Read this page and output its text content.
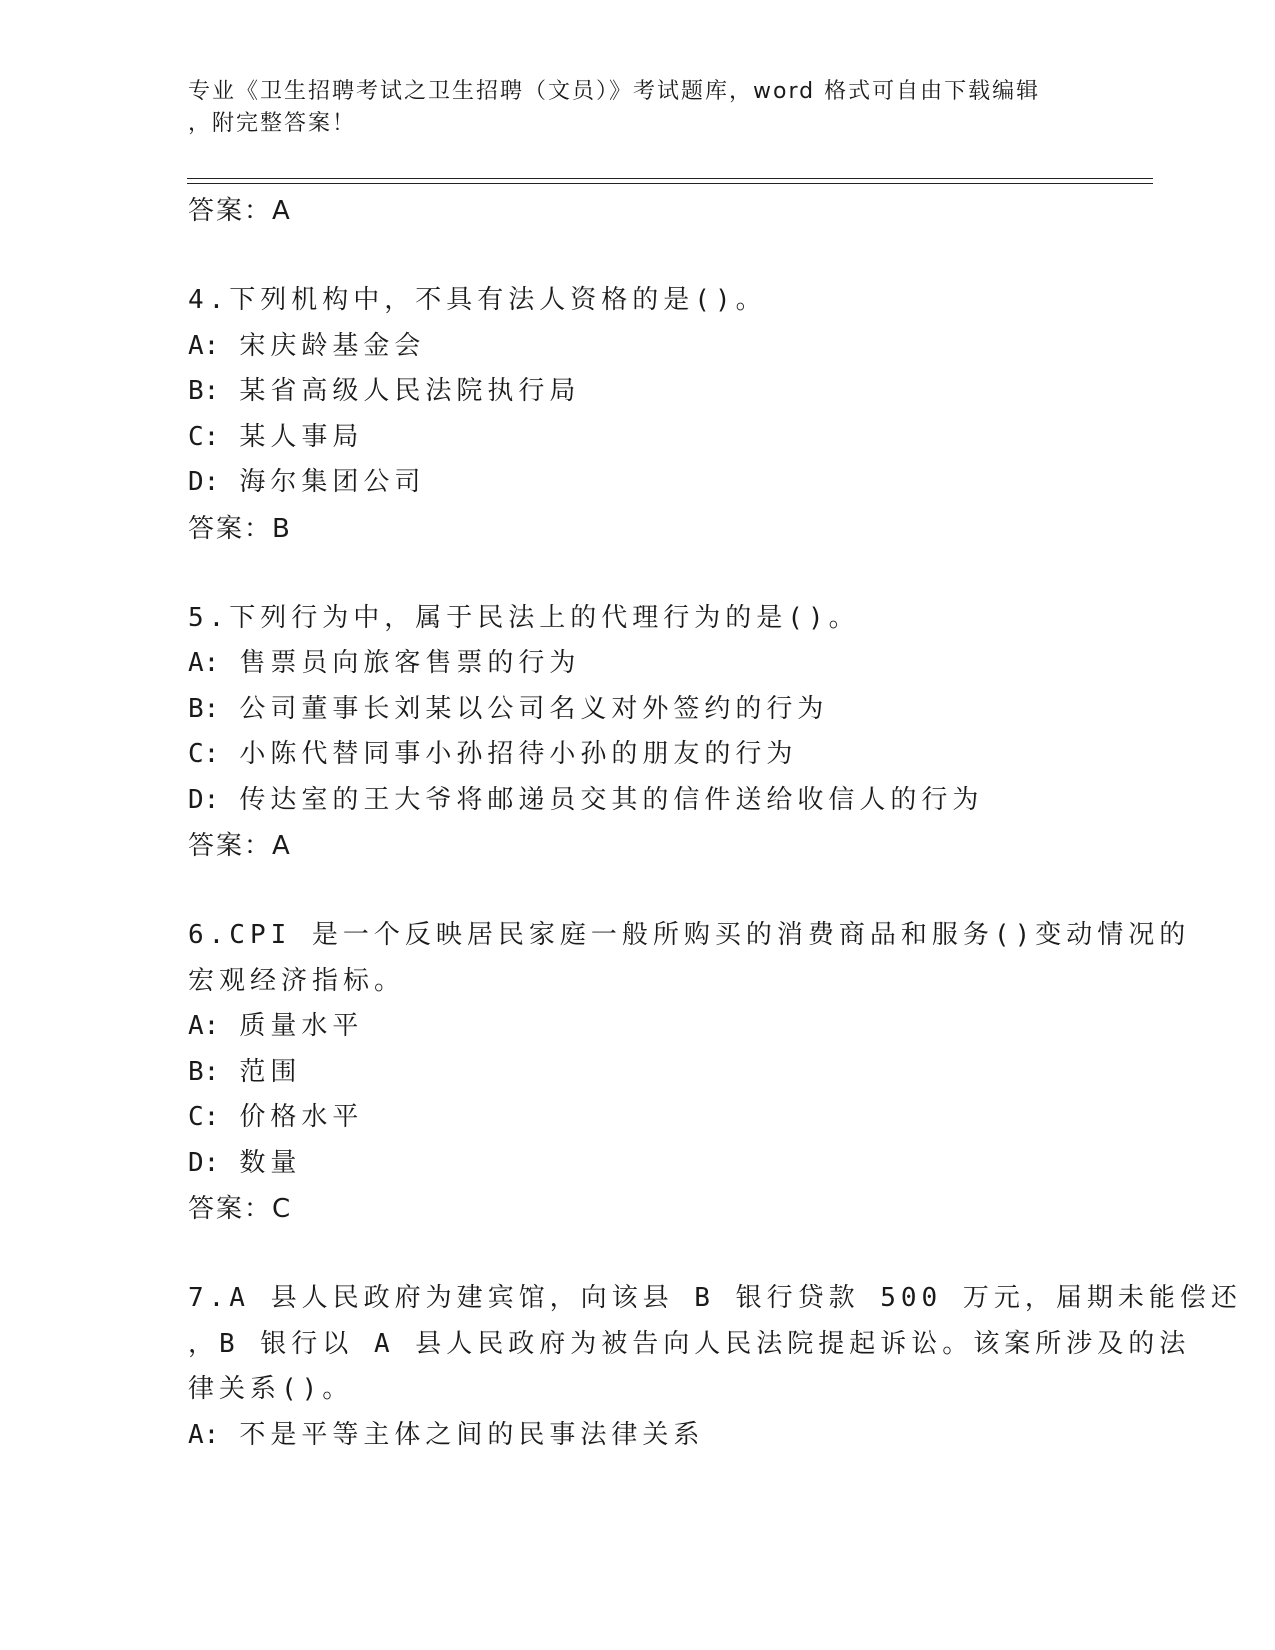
专业《卫生招聘考试之卫生招聘（文员）》考试题库，word 格式可自由下载编辑
，附完整答案！
答案：A
4.下列机构中，不具有法人资格的是()。
A: 宋庆龄基金会
B: 某省高级人民法院执行局
C: 某人事局
D: 海尔集团公司
答案：B
5.下列行为中，属于民法上的代理行为的是()。
A: 售票员向旅客售票的行为
B: 公司董事长刘某以公司名义对外签约的行为
C: 小陈代替同事小孙招待小孙的朋友的行为
D: 传达室的王大爷将邮递员交其的信件送给收信人的行为
答案：A
6.CPI 是一个反映居民家庭一般所购买的消费商品和服务()变动情况的
宏观经济指标。
A: 质量水平
B: 范围
C: 价格水平
D: 数量
答案：C
7.A 县人民政府为建宾馆，向该县 B 银行贷款 500 万元，届期未能偿还
，B 银行以 A 县人民政府为被告向人民法院提起诉讼。该案所涉及的法
律关系()。
A: 不是平等主体之间的民事法律关系
